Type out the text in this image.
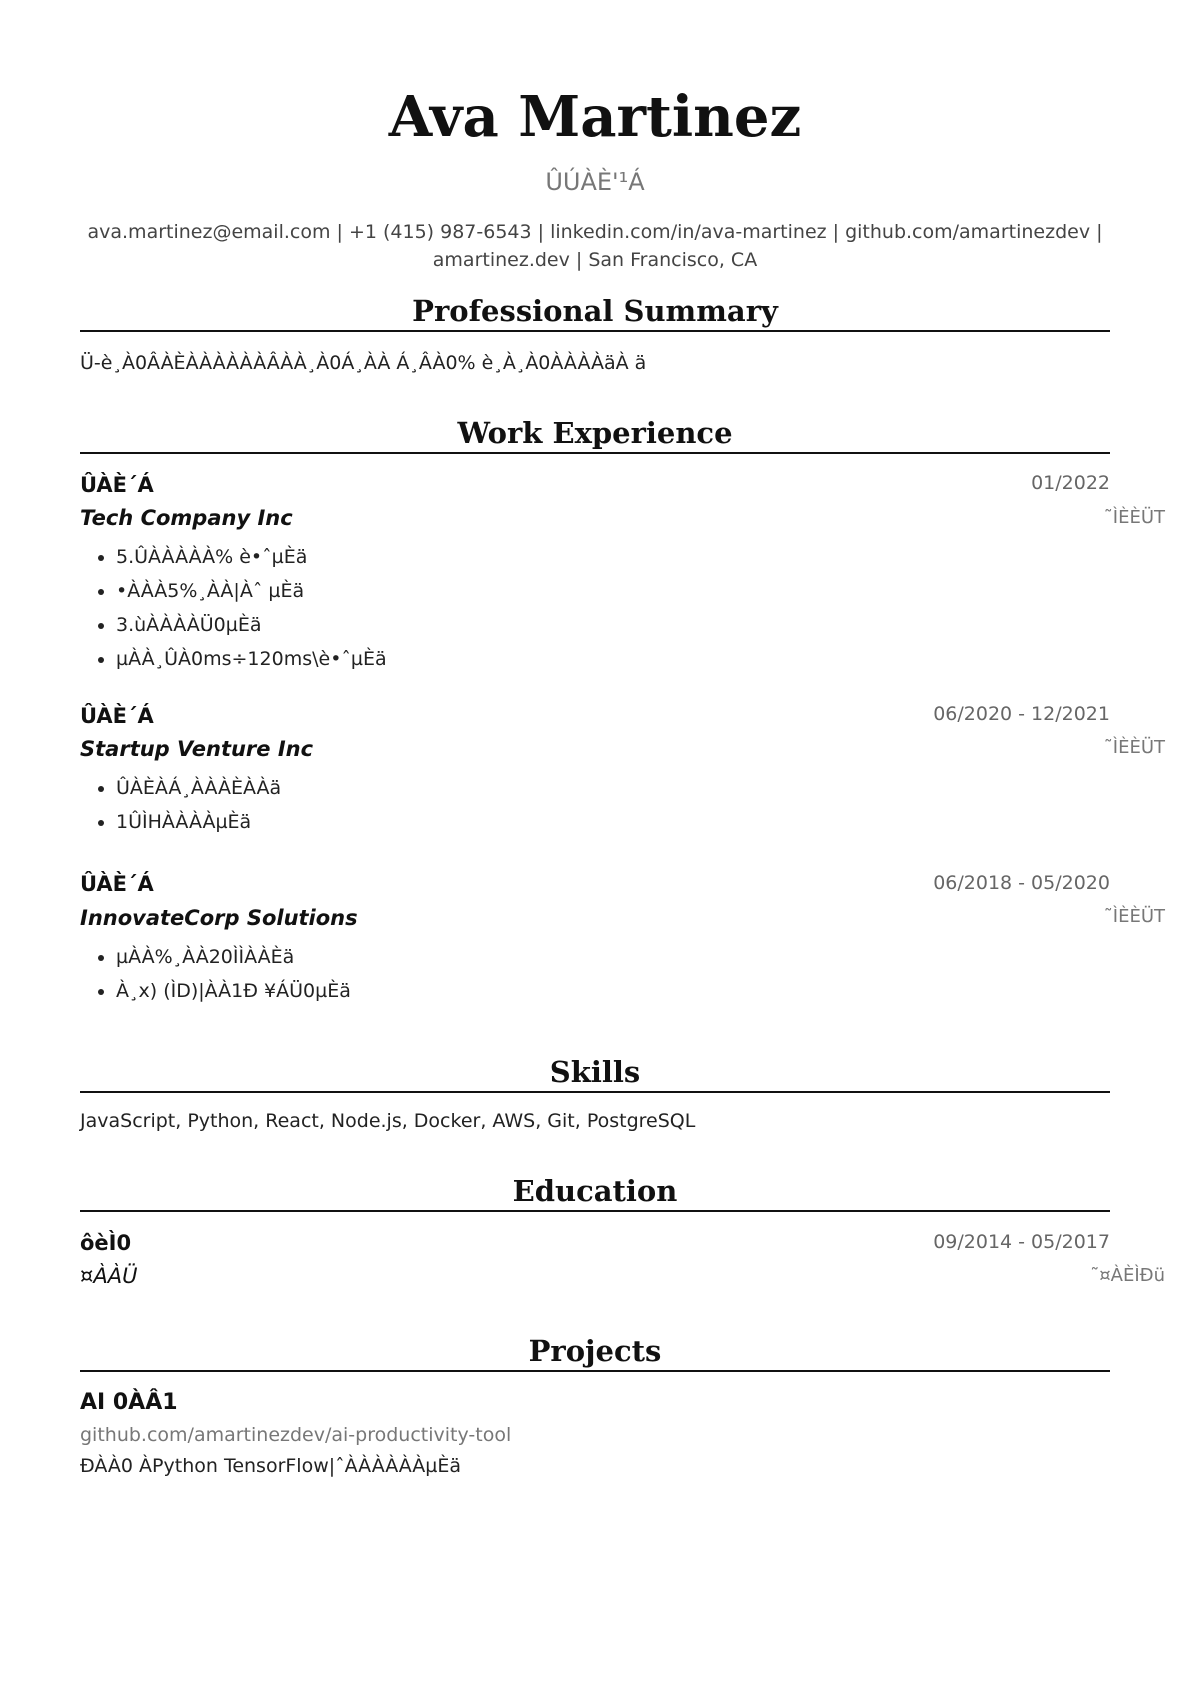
Ava Martinez
ÛÚÀÈ'¹Á
ava.martinez@email.com | +1 (415) 987-6543 | linkedin.com/in/ava-martinez | github.com/amartinezdev |
amartinez.dev | San Francisco, CA
Professional Summary
Ü-è¸À0ÂÀÈÀÀÀÀÀÀÂÀÀ¸À0Á¸ÀÀ Á¸ÂÀ0% è¸À¸À0ÀÀÀÀäÀ ä
Work Experience
ÛÀÈ´Á	01/2022
Tech Company Inc	˜ÌÈÈÜT
• 5.ÛÀÀÀÀÀ% è•ˆµÈä
• •ÀÀÀ5%¸ÀÀ|Àˆ µÈä
• 3.ùÀÀÀÀÜ0µÈä
• µÀÀ¸ÛÀ0ms÷120ms\è•ˆµÈä
ÛÀÈ´Á	06/2020 - 12/2021
Startup Venture Inc	˜ÌÈÈÜT
• ÛÀÈÀÁ¸ÀÀÀÈÀÀä
• 1ÛÌHÀÀÀÀµÈä
ÛÀÈ´Á	06/2018 - 05/2020
InnovateCorp Solutions	˜ÌÈÈÜT
• µÀÀ%¸ÀÀ20ÌÌÀÀÈä
• À¸x) (ÌD)|ÀÀ1Ð ¥ÁÜ0µÈä
Skills
JavaScript, Python, React, Node.js, Docker, AWS, Git, PostgreSQL
Education
ôèÌ0	09/2014 - 05/2017
¤ÀÀÜ	˜¤ÀÈÌÐü
Projects
AI 0ÀÂ1
github.com/amartinezdev/ai-productivity-tool
ÐÀÀ0 ÀPython TensorFlow|ˆÀÀÀÀÀÀµÈä
